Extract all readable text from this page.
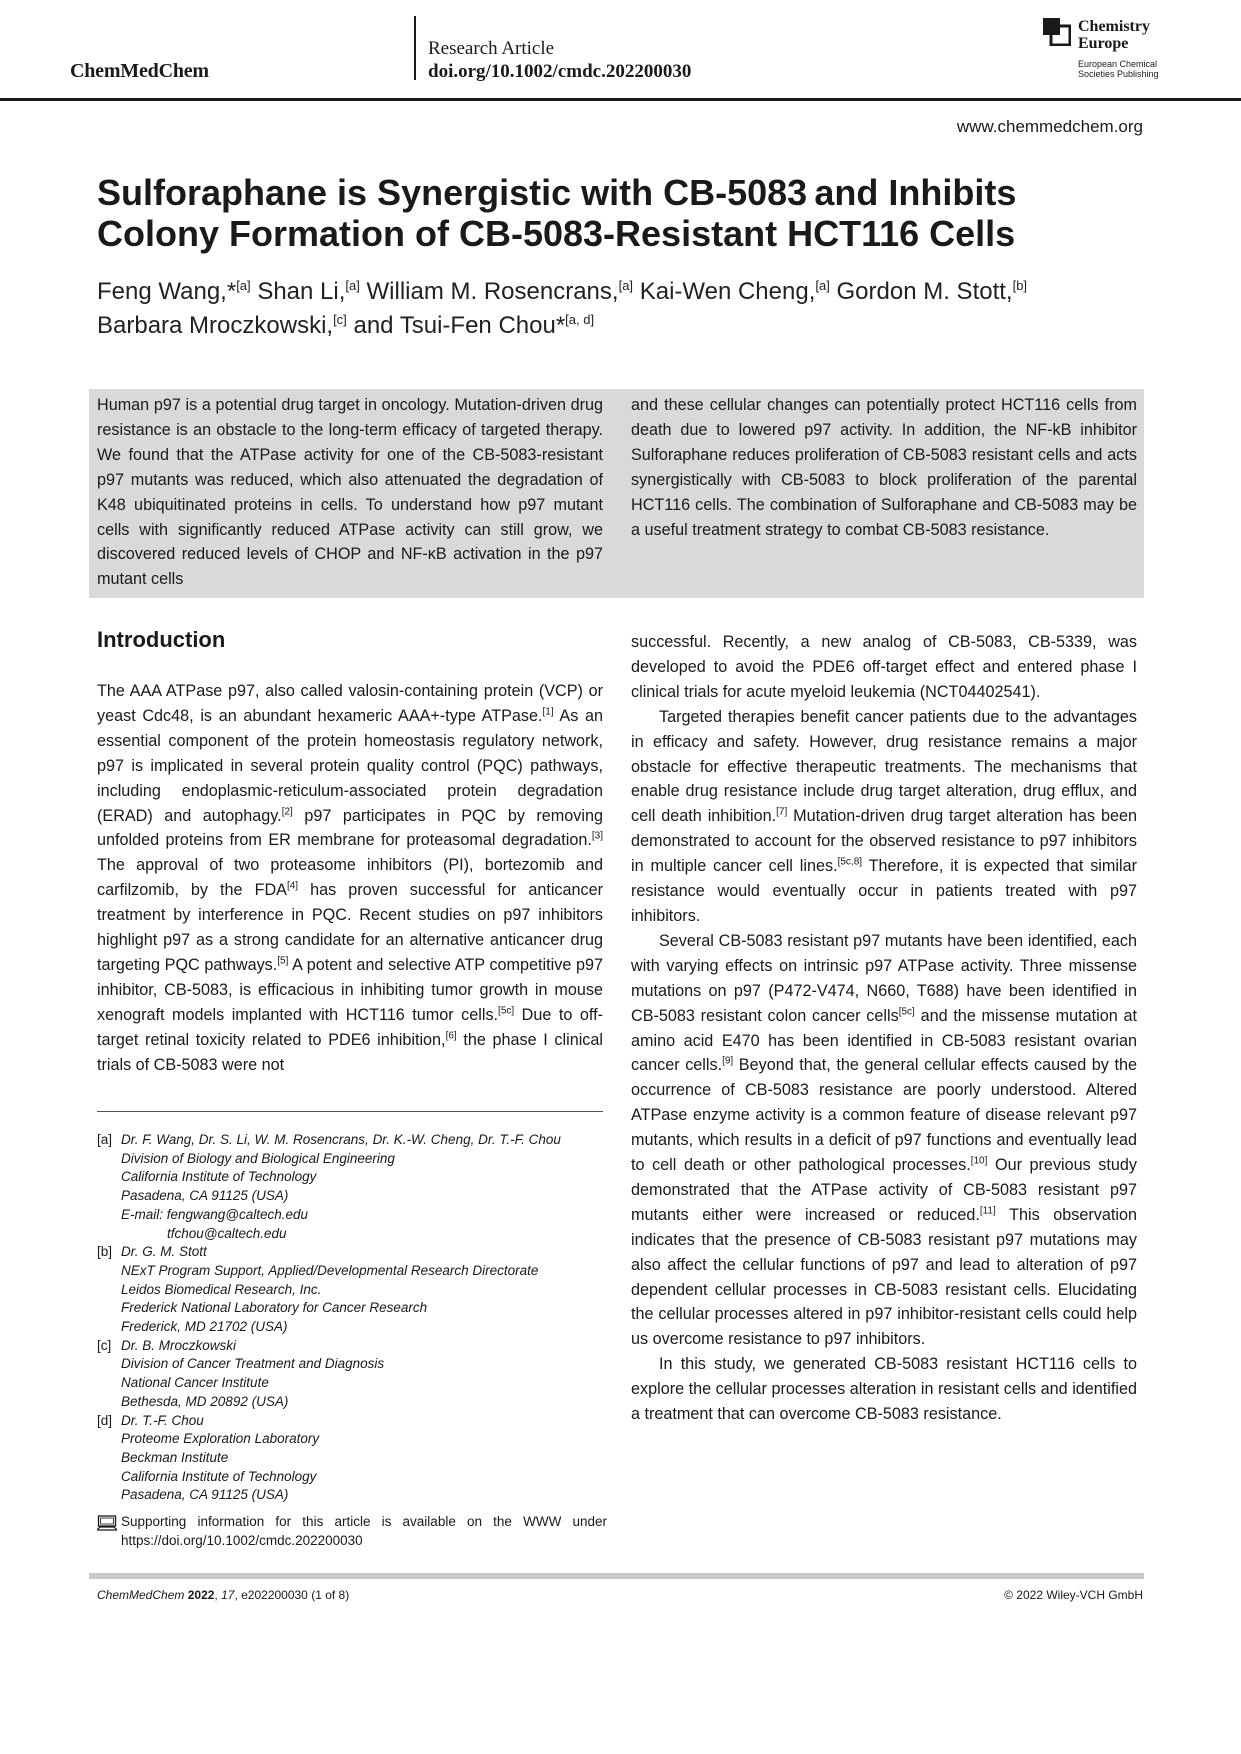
ChemMedChem
Research Article
doi.org/10.1002/cmdc.202200030
Chemistry
Europe
European Chemical
Societies Publishing
www.chemmedchem.org
Sulforaphane is Synergistic with CB-5083 and Inhibits
Colony Formation of CB-5083-Resistant HCT116 Cells
Feng Wang,*[a] Shan Li,[a] William M. Rosencrans,[a] Kai-Wen Cheng,[a] Gordon M. Stott,[b]
Barbara Mroczkowski,[c] and Tsui-Fen Chou*[a, d]
Human p97 is a potential drug target in oncology. Mutation-driven drug resistance is an obstacle to the long-term efficacy of targeted therapy. We found that the ATPase activity for one of the CB-5083-resistant p97 mutants was reduced, which also attenuated the degradation of K48 ubiquitinated proteins in cells. To understand how p97 mutant cells with significantly reduced ATPase activity can still grow, we discovered reduced levels of CHOP and NF-κB activation in the p97 mutant cells
and these cellular changes can potentially protect HCT116 cells from death due to lowered p97 activity. In addition, the NF-kB inhibitor Sulforaphane reduces proliferation of CB-5083 resistant cells and acts synergistically with CB-5083 to block proliferation of the parental HCT116 cells. The combination of Sulforaphane and CB-5083 may be a useful treatment strategy to combat CB-5083 resistance.
Introduction

The AAA ATPase p97, also called valosin-containing protein (VCP) or yeast Cdc48, is an abundant hexameric AAA+-type ATPase.[1] As an essential component of the protein homeostasis regulatory network, p97 is implicated in several protein quality control (PQC) pathways, including endoplasmic-reticulum-associated protein degradation (ERAD) and autophagy.[2] p97 participates in PQC by removing unfolded proteins from ER membrane for proteasomal degradation.[3] The approval of two proteasome inhibitors (PI), bortezomib and carfilzomib, by the FDA[4] has proven successful for anticancer treatment by interference in PQC. Recent studies on p97 inhibitors highlight p97 as a strong candidate for an alternative anticancer drug targeting PQC pathways.[5] A potent and selective ATP competitive p97 inhibitor, CB-5083, is efficacious in inhibiting tumor growth in mouse xenograft models implanted with HCT116 tumor cells.[5c] Due to off-target retinal toxicity related to PDE6 inhibition,[6] the phase I clinical trials of CB-5083 were not

successful. Recently, a new analog of CB-5083, CB-5339, was developed to avoid the PDE6 off-target effect and entered phase I clinical trials for acute myeloid leukemia (NCT04402541).

Targeted therapies benefit cancer patients due to the advantages in efficacy and safety. However, drug resistance remains a major obstacle for effective therapeutic treatments. The mechanisms that enable drug resistance include drug target alteration, drug efflux, and cell death inhibition.[7] Mutation-driven drug target alteration has been demonstrated to account for the observed resistance to p97 inhibitors in multiple cancer cell lines.[5c,8] Therefore, it is expected that similar resistance would eventually occur in patients treated with p97 inhibitors.

Several CB-5083 resistant p97 mutants have been identified, each with varying effects on intrinsic p97 ATPase activity. Three missense mutations on p97 (P472-V474, N660, T688) have been identified in CB-5083 resistant colon cancer cells[5c] and the missense mutation at amino acid E470 has been identified in CB-5083 resistant ovarian cancer cells.[9] Beyond that, the general cellular effects caused by the occurrence of CB-5083 resistance are poorly understood. Altered ATPase enzyme activity is a common feature of disease relevant p97 mutants, which results in a deficit of p97 functions and eventually lead to cell death or other pathological processes.[10] Our previous study demonstrated that the ATPase activity of CB-5083 resistant p97 mutants either were increased or reduced.[11] This observation indicates that the presence of CB-5083 resistant p97 mutations may also affect the cellular functions of p97 and lead to alteration of p97 dependent cellular processes in CB-5083 resistant cells. Elucidating the cellular processes altered in p97 inhibitor-resistant cells could help us overcome resistance to p97 inhibitors.

In this study, we generated CB-5083 resistant HCT116 cells to explore the cellular processes alteration in resistant cells and identified a treatment that can overcome CB-5083 resistance.

[a] Dr. F. Wang, Dr. S. Li, W. M. Rosencrans, Dr. K.-W. Cheng, Dr. T.-F. Chou
Division of Biology and Biological Engineering
California Institute of Technology
Pasadena, CA 91125 (USA)
E-mail: fengwang@caltech.edu
tfchou@caltech.edu
[b] Dr. G. M. Stott
NExT Program Support, Applied/Developmental Research Directorate
Leidos Biomedical Research, Inc.
Frederick National Laboratory for Cancer Research
Frederick, MD 21702 (USA)
[c] Dr. B. Mroczkowski
Division of Cancer Treatment and Diagnosis
National Cancer Institute
Bethesda, MD 20892 (USA)
[d] Dr. T.-F. Chou
Proteome Exploration Laboratory
Beckman Institute
California Institute of Technology
Pasadena, CA 91125 (USA)
Supporting information for this article is available on the WWW under https://doi.org/10.1002/cmdc.202200030
ChemMedChem 2022, 17, e202200030 (1 of 8)	© 2022 Wiley-VCH GmbH
